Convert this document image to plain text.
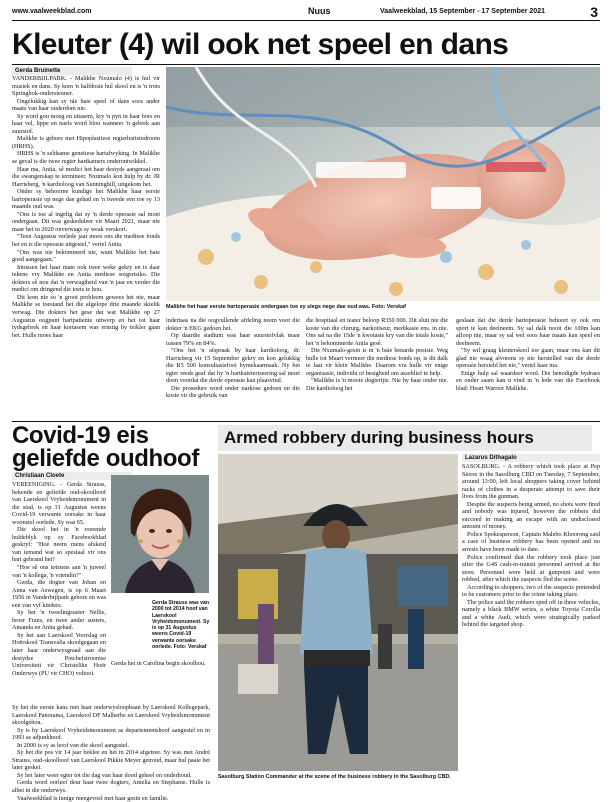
www.vaalweekblad.com	Nuus	Vaalweekblad, 15 September - 17 September 2021	3
Kleuter (4) wil ook net speel en dans
Gerda Bruinette

VANDERBIJLPARK. - Malikhe Nxumalo (4) is hul vir musiek en dans. Sy kom 'n halfdosie hul skool en is 'n trots Springbok-ondersteuner.

Ongelukkig kan sy nie baie speel of dans soos ander maats van haar ouderdom nie.

Sy word gou moeg en uitasem, kry 'n pyn in haar bors en haar vel, lippe en naels word blou wanneer 'n gebrek aan suurstof.

Malikhe is gebore met Hipoplastiese regterhartsindroom (HRHS).

HRHS is 'n seldsame genetiese hartafwyking. In Malikhe se geval is die twee regter hartkamers onderontwikkel.

Haar ma, Anita, sê medici het haar destyds aangeraai om die swangerskap te termineer. Nxumalo kon hulp by dr. JR Harrisberg, 'n kardioloog van Sunninghill, uitgekom het.

Onder sy behoorne kundige het Malikhe haar eerste hartoperasie op nege dae gehad en 'n tweede een toe sy 13 maande oud was.

"Ons is toe al ingelig dat sy 'n derde operasie sal moet ondergaan. Dit was geskeduleer vir Maart 2021, maar nie maar het in 2020 onverwags sy weak verskort.

"Teen Augustus verlede jaar moes ons die mediese fonds het en is die operasie uitgestel," vertel Anita.

"Ons was nie bekommerd nie, want Malikhe het baie goed aangegaan."

Intussen het haar mate ook twee weke gekry en is daar tekens vry Malikhe en Anita mediese sorgsrisiko. Die dokters sê nou dat 'n verwagtheid van 'n jaar en verder die medici om dringend die toets te hou.

Dit kom nie so 'n groot probleem gewees het nie, maar Malikhe se toestand het die afgelope drie maande skielik verwag. Die dokters het gese dat wat Malikhe op 27 Augustus oogpunt hartpatiente uitwerp en het tot haar tydsgebrek en haar kortasem was ernstig by teikler gaan het. Hulle moes haar

Malikhe het haar eerste hartoperasie ondergaan toe sy slegs nege dae oud was. Foto: Verskaf

indertaas na die oogvullende afdeling neem voor die dokter 'n EKG gedoen het.

Op daardie stadium was haar suurstofvlak maar tussen 79% en 84%.

"Ons het 'n afspraak by haar kardioloog, dr. Harrisberg vir 15 September gekry en kon gelukkig die R5 500 konsultasiefooi bymekaarmaak. Ny het egter reeds geaf dat hy 'n hartkateteriseering sal moet doen voordat die derde operasie kan plaasvind.

Die prosedure word onder narkose gedoen en die koste vir die gebruik van

die hospitaal en teater beloop R350 000. Dit sluit nie die koste van die chirurg, narkotiseur, medikasie ens. in nie. Ons sal na die 15de 'n kwotasie kry van die totale koste," het 'n bekommerde Anita gesê.

Die Nxumalo-gesin is in 'n baie benarde posisie. Weg hulle tot Maart vermeer die mediese fonds op, is dit dalk te laat vir klein Malikhe. Daarom vra hulle vir enige organisasie, individu of besigheid om asseblief te help.

"Malikhe is 'n mooie dogtertjie. Nie hy haar onder nie. Die kardioloog het

geslaan dat die derde hartoperasie behoort sy ook om sport te kan deelneem. Sy sal dalk nooit die 100m kan afloop nie, maar sy sal wel soos haar maats kan speel en deelneem.

"Sy wil graag kleuterskool toe gaan, maar ons kan dit glad nie waag alvorens sy nie herstelled van die derde operasie hersteld het nie," vertel haar ma.

Enige hulp sal waardeer word. Die benodigde bydraes en onder saam kan u vind in 'n lede van die Facebook blad: Heart Warrior Malikhe.

Covid-19 eis geliefde oudhoof
Christiaan Cloete

VEREENIGING. - Gerda Strauss, bekende en geliefde oud-skoolhoof van Laerskool Vryheidsmonument in die stad, is op 31 Augustus weens Covid-19 verwante oorsake in haar woonstel oorlede. Sy was 65.

Die skool het in 'n roerende huldeblyk op sy Facebookblad geskryf: "Hoe neem mens afskeid van iemand wat so spesiaal vir ons hart gebrand het?

"Hoe sê ons totsiens aan 'n juweel van 'n kollega, 'n vriendin?"

Gerda, die dogter van Johan en Anna van Aswegen, is op 6 Maart 1956 in Vanderbijlpark gebore en was een van vyf kinders.

Sy het 'n tweelingsuster Nellie, broer Frans, en twee ander susters, Amanda en Anita gehad.

Sy het aan Laerskool Voorslag en Hoërskool Transvalia skoolgegaan en later haar onderwysgraad aan die destydse Potchefstroomse Universiteit vir Christelike Hoër Onderwys (PU vir CHO) voltooi.

Gerda Strauss was van 2000 tot 2014 hoof van Laerskool Vryheidsmonument. Sy is op 31 Augustus weens Covid-19 verwante oorsake oorlede. Foto: Verskaf

Gerda het in Carolina begin skoolhou.

Sy het die eerste kans met haar onderwysloopbaan by Laerskool Kollegepark, Laerskool Panorama, Laerskool DF Malherbe en Laerskool Vryheidsmonument skoolgehou.

Sy is by Laerskool Vryheidsmonument as departementshoof aangestel en in 1993 as adjunkhoof.

In 2000 is sy as hoof van die skool aangestel.

Sy het die pos vir 14 jaar beklee en het in 2014 afgetree. Sy was met André Strauss, oud-skoolhoof van Laerskool Pikkie Meyer getroud, maar hul paaie het later geskei.

Sy het later weer egter tot die dag van haar dood geheel en onderhoud.

Gerda word oorleef deur haar twee dogters, Amelia en Stephanie. Hulle is albei in die onderwys.

Vaalweekblad is innige meegevoel met haar gesin en familie.

Armed robbery during business hours
Sasolburg Station Commander at the scene of the business robbery in the Sasolburg CBD.
Lazarus Dithagalo

SASOLBURG. - A robbery which took place at Pep Stores in the Sasolburg CBD on Tuesday, 7 September, around 13:00, left local shoppers taking cover behind racks of clothes in a desperate attempt to save their lives from the gunman.

Despite the suspects being armed, no shots were fired and nobody was injured, however the robbers did succeed in making an escape with an undisclosed amount of money.

Police Spokesperson, Captain Malebo Khoorong said a case of business robbery has been opened and no arrests have been made to date.

Police confirmed that the robbery took place just after the G4S cash-in-transit personnel arrived at the store. Personnel were held at gunpoint and were robbed, after which the suspects fled the scene.

According to shoppers, two of the suspects pretended to be customers prior to the crime taking place.

The police said the robbers sped off in three vehicles, namely a black BMW series, a white Toyota Corolla and a white Audi, which were strategically parked behind the targeted shop.
